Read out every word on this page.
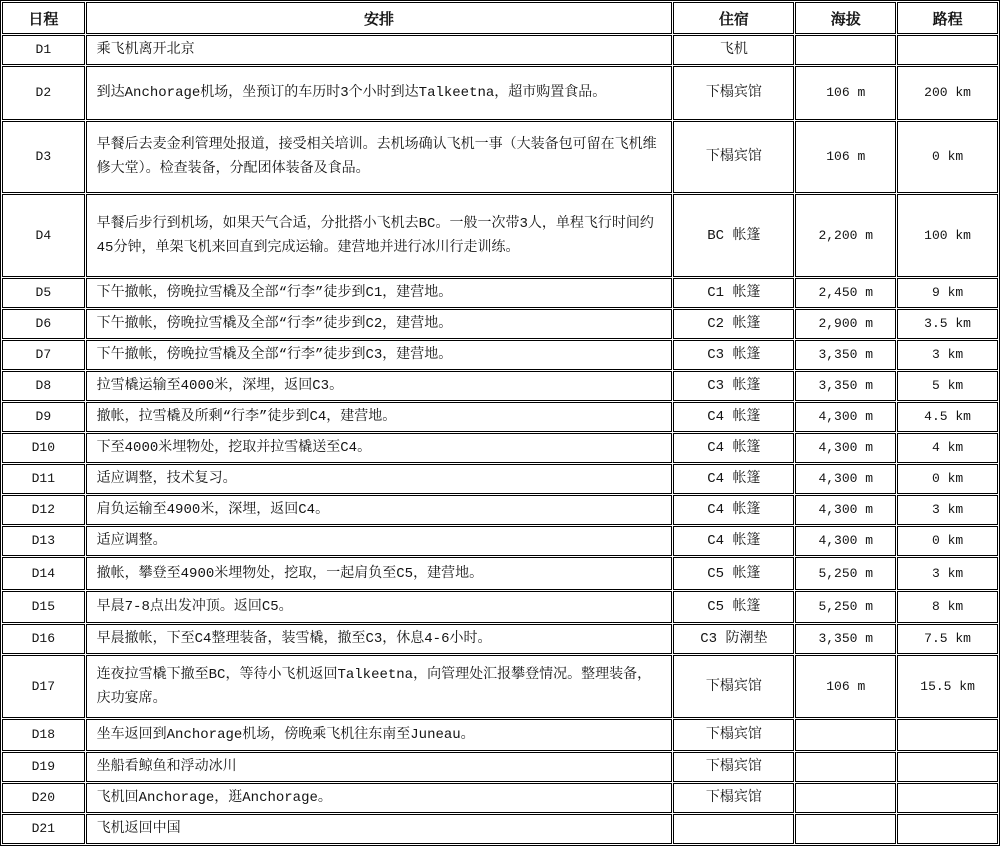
日程	安排	住宿	海拔	路程
D1	乘飞机离开北京	飞机		
D2	到达Anchorage机场，坐预订的车历时3个小时到达Talkeetna，超市购置食品。	下榻宾馆	106 m	200 km
D3	早餐后去麦金利管理处报道，接受相关培训。去机场确认飞机一事（大装备包可留在飞机维修大堂）。检查装备，分配团体装备及食品。	下榻宾馆	106 m	0 km
D4	早餐后步行到机场，如果天气合适，分批搭小飞机去BC。一般一次带3人，单程飞行时间约45分钟，单架飞机来回直到完成运输。建营地并进行冰川行走训练。	BC 帐篷	2,200 m	100 km
D5	下午撤帐，傍晚拉雪橇及全部“行李”徒步到C1，建营地。	C1 帐篷	2,450 m	9 km
D6	下午撤帐，傍晚拉雪橇及全部“行李”徒步到C2，建营地。	C2 帐篷	2,900 m	3.5 km
D7	下午撤帐，傍晚拉雪橇及全部“行李”徒步到C3，建营地。	C3 帐篷	3,350 m	3 km
D8	拉雪橇运输至4000米，深埋，返回C3。	C3 帐篷	3,350 m	5 km
D9	撤帐，拉雪橇及所剩“行李”徒步到C4，建营地。	C4 帐篷	4,300 m	4.5 km
D10	下至4000米埋物处，挖取并拉雪橇送至C4。	C4 帐篷	4,300 m	4 km
D11	适应调整，技术复习。	C4 帐篷	4,300 m	0 km
D12	肩负运输至4900米，深埋，返回C4。	C4 帐篷	4,300 m	3 km
D13	适应调整。	C4 帐篷	4,300 m	0 km
D14	撤帐，攀登至4900米埋物处，挖取，一起肩负至C5，建营地。	C5 帐篷	5,250 m	3 km
D15	早晨7-8点出发冲顶。返回C5。	C5 帐篷	5,250 m	8 km
D16	早晨撤帐，下至C4整理装备，装雪橇，撤至C3，休息4-6小时。	C3 防潮垫	3,350 m	7.5 km
D17	连夜拉雪橇下撤至BC，等待小飞机返回Talkeetna，向管理处汇报攀登情况。整理装备，庆功宴席。	下榻宾馆	106 m	15.5 km
D18	坐车返回到Anchorage机场，傍晚乘飞机往东南至Juneau。	下榻宾馆		
D19	坐船看鲸鱼和浮动冰川	下榻宾馆		
D20	飞机回Anchorage，逛Anchorage。	下榻宾馆		
D21	飞机返回中国			
